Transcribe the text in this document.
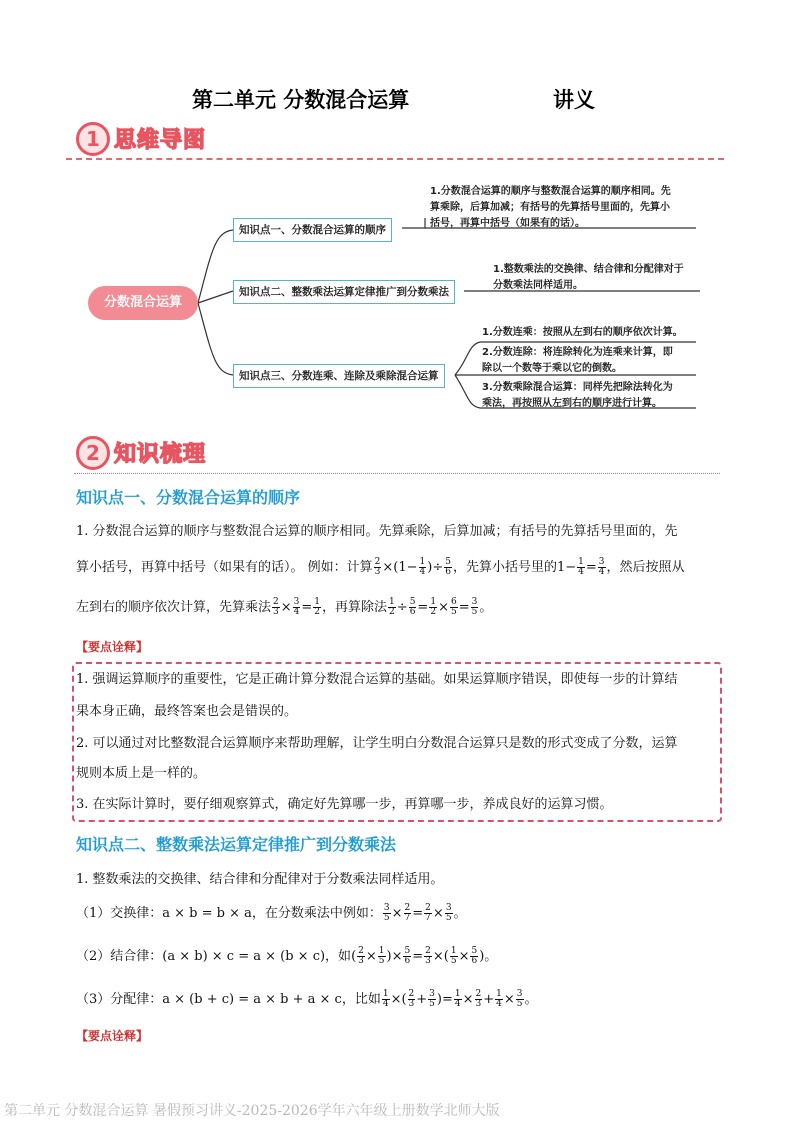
第二单元 分数混合运算	讲义
1 思维导图
分数混合运算
知识点一、分数混合运算的顺序
知识点二、整数乘法运算定律推广到分数乘法
知识点三、分数连乘、连除及乘除混合运算
1.分数混合运算的顺序与整数混合运算的顺序相同。先
算乘除，后算加减；有括号的先算括号里面的，先算小
括号，再算中括号（如果有的话）。
1.整数乘法的交换律、结合律和分配律对于
分数乘法同样适用。
1.分数连乘：按照从左到右的顺序依次计算。
2.分数连除：将连除转化为连乘来计算，即
除以一个数等于乘以它的倒数。
3.分数乘除混合运算：同样先把除法转化为
乘法，再按照从左到右的顺序进行计算。
2 知识梳理
知识点一、分数混合运算的顺序
1. 分数混合运算的顺序与整数混合运算的顺序相同。先算乘除，后算加减；有括号的先算括号里面的，先
算小括号，再算中括号（如果有的话）。 例如：计算 $\frac{2}{3} \times(1- \frac{1}{4}$ )÷ $\frac{5}{6}$ ，先算小括号里的$1- \frac{1}{4} = \frac{3}{4}$ ，然后按照从
左到右的顺序依次计算，先算乘法 $\frac{2}{3} \times \frac{3}{4} = \frac{1}{2}$ ，再算除法 $\frac{1}{2} \div \frac{5}{6} = \frac{1}{2} \times \frac{6}{5} = \frac{3}{5}$ 。
【要点诠释】
1. 强调运算顺序的重要性，它是正确计算分数混合运算的基础。如果运算顺序错误，即使每一步的计算结
果本身正确，最终答案也会是错误的。
2. 可以通过对比整数混合运算顺序来帮助理解，让学生明白分数混合运算只是数的形式变成了分数，运算
规则本质上是一样的。
3. 在实际计算时，要仔细观察算式，确定好先算哪一步，再算哪一步，养成良好的运算习惯。
知识点二、整数乘法运算定律推广到分数乘法
1. 整数乘法的交换律、结合律和分配律对于分数乘法同样适用。
（1）交换律：a × b = b × a，在分数乘法中例如： $\frac{3}{5} \times \frac{2}{7} = \frac{2}{7} \times \frac{3}{5}$ 。
（2）结合律：(a × b) × c = a × (b × c)，如( $\frac{2}{3} \times \frac{1}{5}$ )× $\frac{5}{6} = \frac{2}{3}$ ×( $\frac{1}{5} \times \frac{5}{6}$ )。
（3）分配律：a × (b + c) = a × b + a × c，比如 $\frac{1}{4}$ ×( $\frac{2}{3} + \frac{3}{5}$ )= $\frac{1}{4} \times \frac{2}{3} + \frac{1}{4} \times \frac{3}{5}$ 。
【要点诠释】
第二单元 分数混合运算 暑假预习讲义-2025-2026学年六年级上册数学北师大版
